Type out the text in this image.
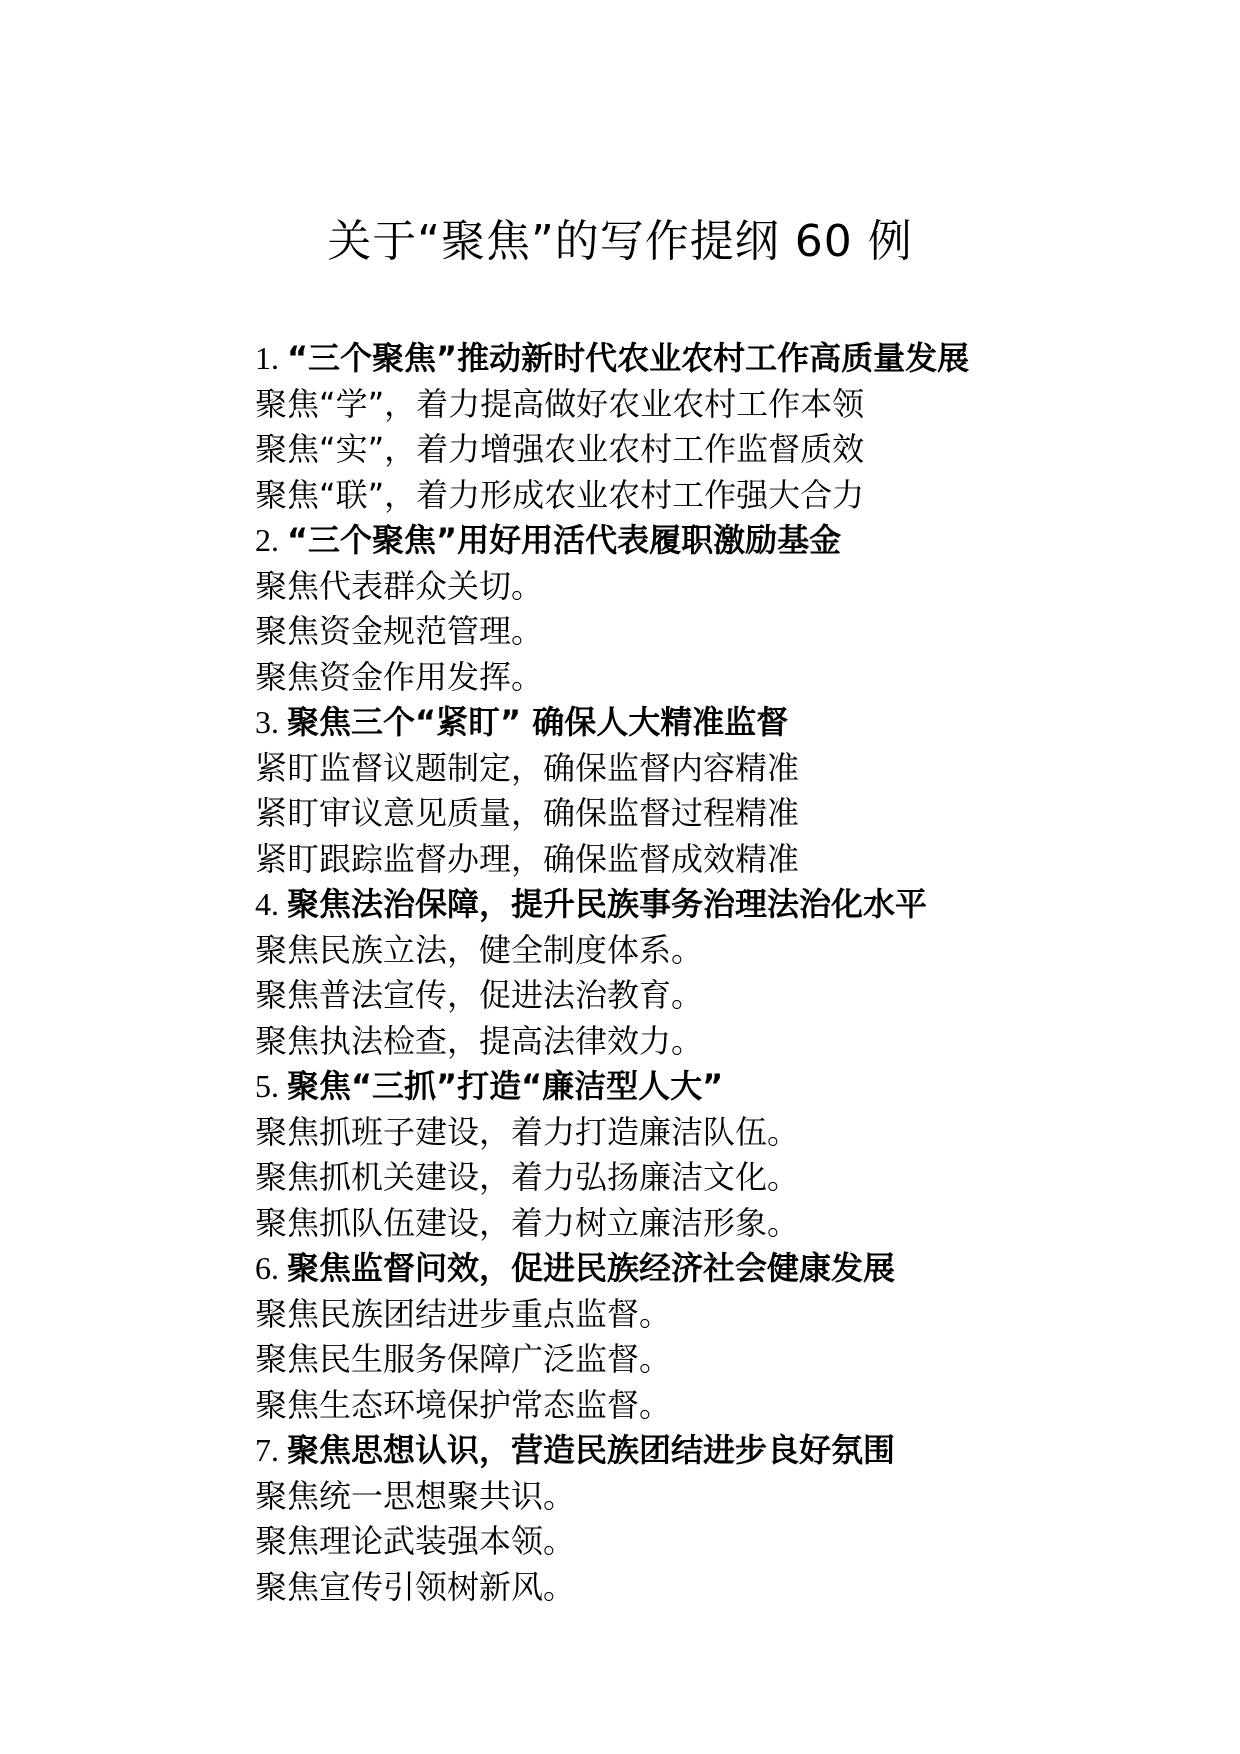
关于“聚焦”的写作提纲 60 例
1. “三个聚焦”推动新时代农业农村工作高质量发展
聚焦“学”，着力提高做好农业农村工作本领
聚焦“实”，着力增强农业农村工作监督质效
聚焦“联”，着力形成农业农村工作强大合力
2. “三个聚焦”用好用活代表履职激励基金
聚焦代表群众关切。
聚焦资金规范管理。
聚焦资金作用发挥。
3. 聚焦三个“紧盯” 确保人大精准监督
紧盯监督议题制定，确保监督内容精准
紧盯审议意见质量，确保监督过程精准
紧盯跟踪监督办理，确保监督成效精准
4. 聚焦法治保障，提升民族事务治理法治化水平
聚焦民族立法，健全制度体系。
聚焦普法宣传，促进法治教育。
聚焦执法检查，提高法律效力。
5. 聚焦“三抓”打造“廉洁型人大”
聚焦抓班子建设，着力打造廉洁队伍。
聚焦抓机关建设，着力弘扬廉洁文化。
聚焦抓队伍建设，着力树立廉洁形象。
6. 聚焦监督问效，促进民族经济社会健康发展
聚焦民族团结进步重点监督。
聚焦民生服务保障广泛监督。
聚焦生态环境保护常态监督。
7. 聚焦思想认识，营造民族团结进步良好氛围
聚焦统一思想聚共识。
聚焦理论武装强本领。
聚焦宣传引领树新风。
